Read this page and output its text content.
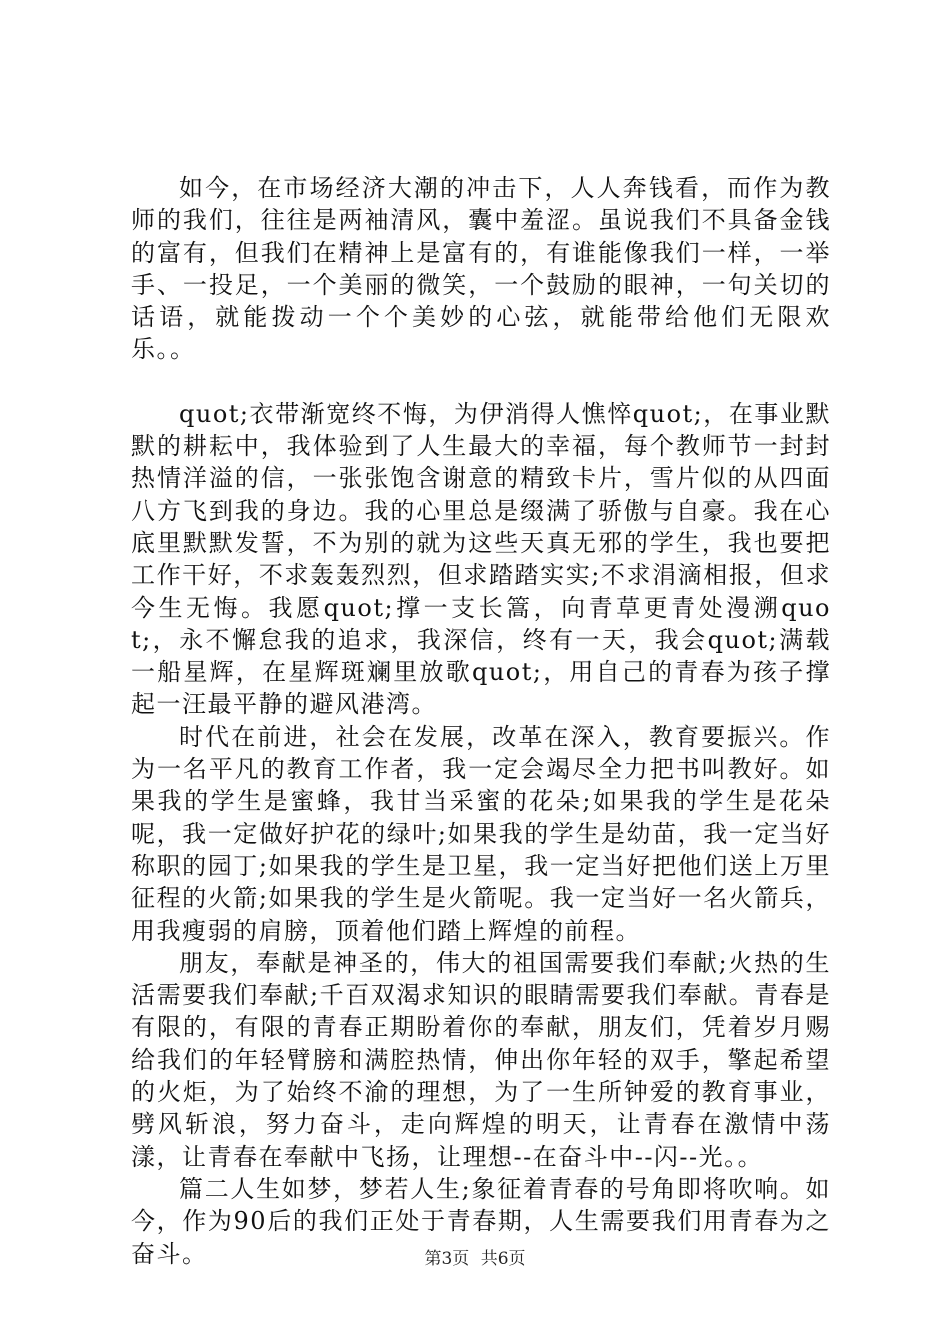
如今，在市场经济大潮的冲击下，人人奔钱看，而作为教师的我们，往往是两袖清风，囊中羞涩。虽说我们不具备金钱的富有，但我们在精神上是富有的，有谁能像我们一样，一举手、一投足，一个美丽的微笑，一个鼓励的眼神，一句关切的话语，就能拨动一个个美妙的心弦，就能带给他们无限欢乐。。

quot;衣带渐宽终不悔，为伊消得人憔悴quot;，在事业默默的耕耘中，我体验到了人生最大的幸福，每个教师节一封封热情洋溢的信，一张张饱含谢意的精致卡片，雪片似的从四面八方飞到我的身边。我的心里总是缀满了骄傲与自豪。我在心底里默默发誓，不为别的就为这些天真无邪的学生，我也要把工作干好，不求轰轰烈烈，但求踏踏实实;不求涓滴相报，但求今生无悔。我愿quot;撑一支长篙，向青草更青处漫溯quot;，永不懈怠我的追求，我深信，终有一天，我会quot;满载一船星辉，在星辉斑斓里放歌quot;，用自己的青春为孩子撑起一汪最平静的避风港湾。

时代在前进，社会在发展，改革在深入，教育要振兴。作为一名平凡的教育工作者，我一定会竭尽全力把书叫教好。如果我的学生是蜜蜂，我甘当采蜜的花朵;如果我的学生是花朵呢，我一定做好护花的绿叶;如果我的学生是幼苗，我一定当好称职的园丁;如果我的学生是卫星，我一定当好把他们送上万里征程的火箭;如果我的学生是火箭呢。我一定当好一名火箭兵，用我瘦弱的肩膀，顶着他们踏上辉煌的前程。

朋友，奉献是神圣的，伟大的祖国需要我们奉献;火热的生活需要我们奉献;千百双渴求知识的眼睛需要我们奉献。青春是有限的，有限的青春正期盼着你的奉献，朋友们，凭着岁月赐给我们的年轻臂膀和满腔热情，伸出你年轻的双手，擎起希望的火炬，为了始终不渝的理想，为了一生所钟爱的教育事业，劈风斩浪，努力奋斗，走向辉煌的明天，让青春在激情中荡漾，让青春在奉献中飞扬，让理想--在奋斗中--闪--光。。

篇二人生如梦，梦若人生;象征着青春的号角即将吹响。如今，作为90后的我们正处于青春期，人生需要我们用青春为之奋斗。	第3页 共6页
